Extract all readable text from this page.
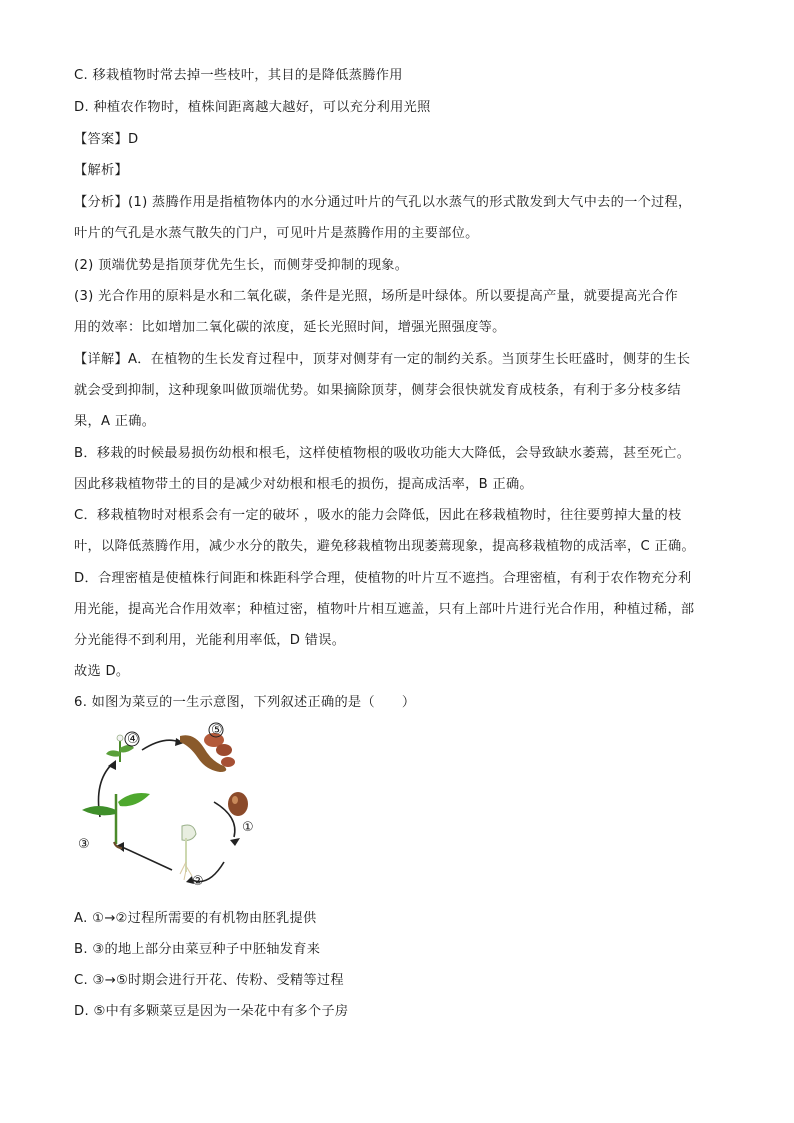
C. 移栽植物时常去掉一些枝叶，其目的是降低蒸腾作用
D. 种植农作物时，植株间距离越大越好，可以充分利用光照
【答案】D
【解析】
【分析】(1) 蒸腾作用是指植物体内的水分通过叶片的气孔以水蒸气的形式散发到大气中去的一个过程，
叶片的气孔是水蒸气散失的门户，可见叶片是蒸腾作用的主要部位。
(2) 顶端优势是指顶芽优先生长，而侧芽受抑制的现象。
(3) 光合作用的原料是水和二氧化碳，条件是光照，场所是叶绿体。所以要提高产量，就要提高光合作
用的效率：比如增加二氧化碳的浓度，延长光照时间，增强光照强度等。
【详解】A．在植物的生长发育过程中，顶芽对侧芽有一定的制约关系。当顶芽生长旺盛时，侧芽的生长
就会受到抑制，这种现象叫做顶端优势。如果摘除顶芽，侧芽会很快就发育成枝条，有利于多分枝多结
果，A 正确。
B．移栽的时候最易损伤幼根和根毛，这样使植物根的吸收功能大大降低，会导致缺水萎蔫，甚至死亡。
因此移栽植物带土的目的是减少对幼根和根毛的损伤，提高成活率，B 正确。
C．移栽植物时对根系会有一定的破坏 ，吸水的能力会降低，因此在移栽植物时，往往要剪掉大量的枝
叶，以降低蒸腾作用，减少水分的散失，避免移栽植物出现萎蔫现象，提高移栽植物的成活率，C 正确。
D．合理密植是使植株行间距和株距科学合理，使植物的叶片互不遮挡。合理密植，有利于农作物充分利
用光能，提高光合作用效率；种植过密，植物叶片相互遮盖，只有上部叶片进行光合作用，种植过稀，部
分光能得不到利用，光能利用率低，D 错误。
故选 D。
6. 如图为菜豆的一生示意图，下列叙述正确的是（　　）
④
⑤
①
②
③
A. ①→②过程所需要的有机物由胚乳提供
B. ③的地上部分由菜豆种子中胚轴发育来
C. ③→⑤时期会进行开花、传粉、受精等过程
D. ⑤中有多颗菜豆是因为一朵花中有多个子房
